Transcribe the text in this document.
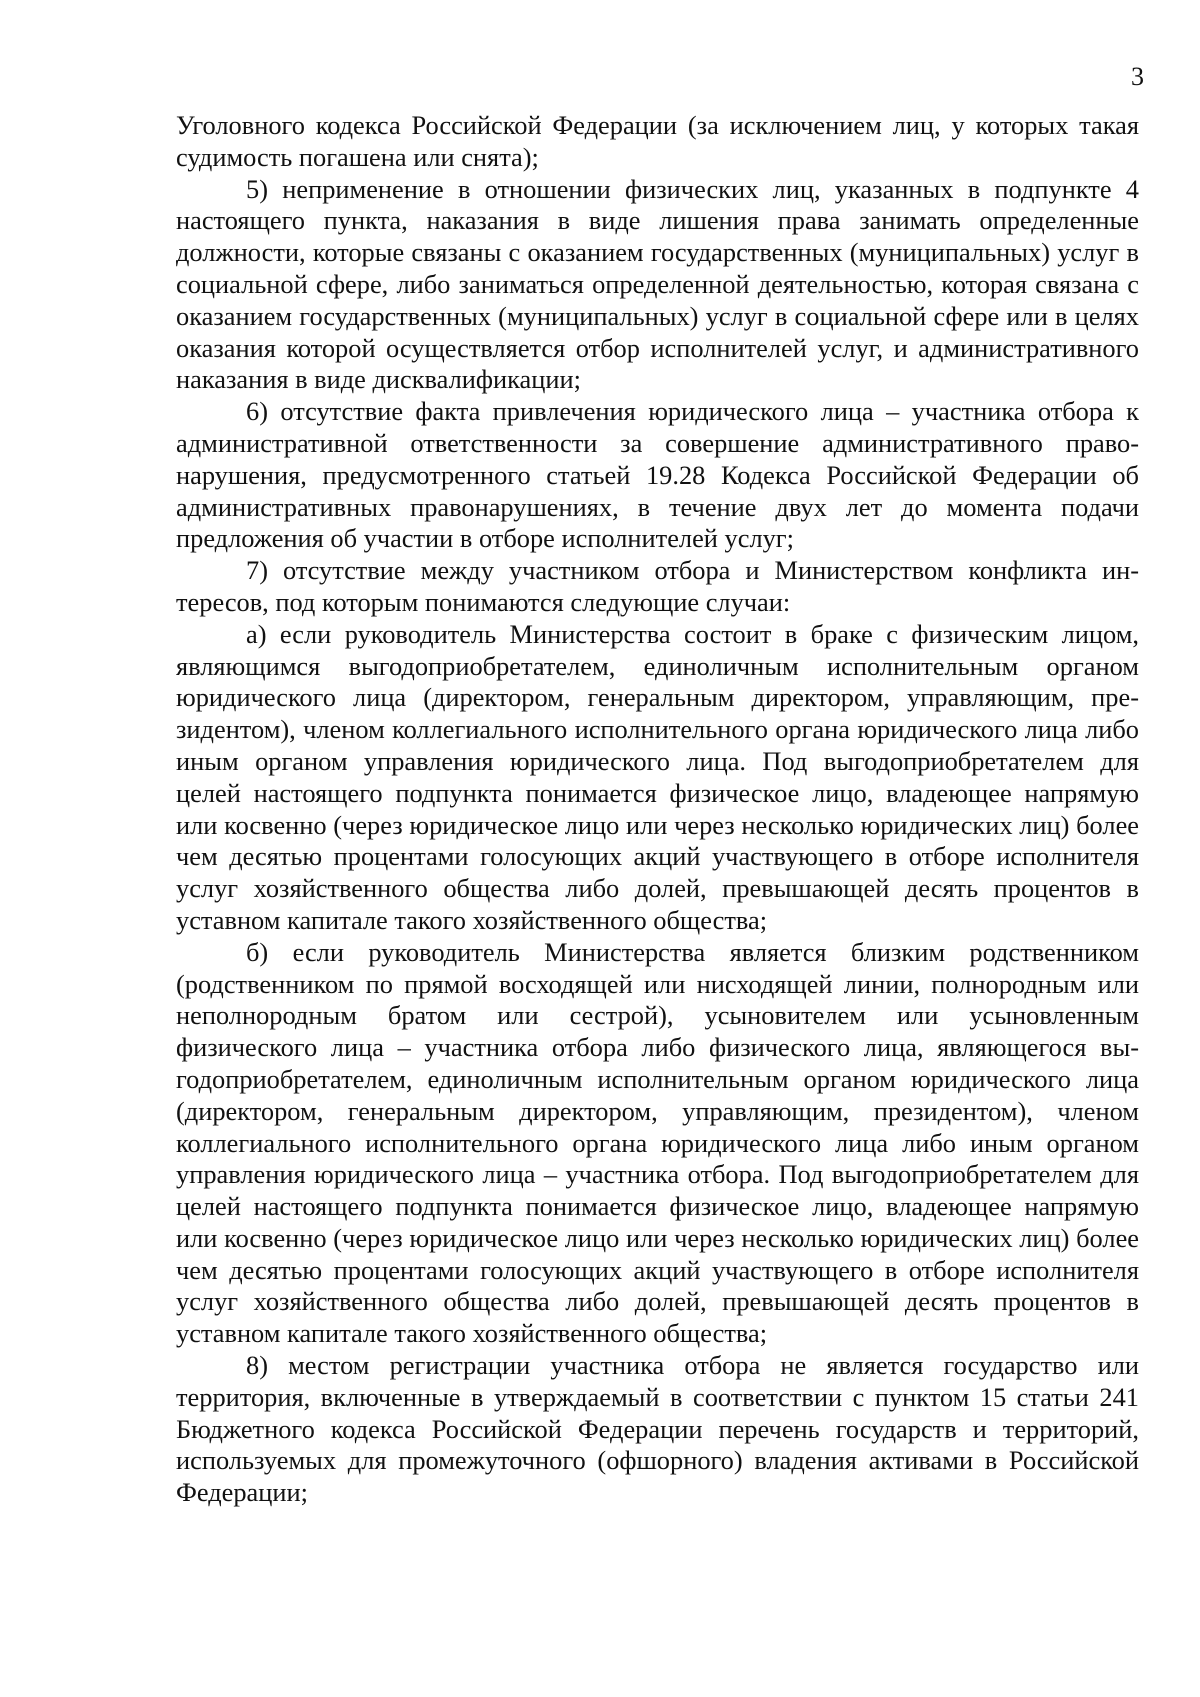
3

Уголовного кодекса Российской Федерации (за исключением лиц, у которых такая судимость погашена или снята);

5) неприменение в отношении физических лиц, указанных в подпункте 4 настоящего пункта, наказания в виде лишения права занимать определенные должности, которые связаны с оказанием государственных (муниципальных) услуг в социальной сфере, либо заниматься определенной деятельностью, которая связана с оказанием государственных (муниципальных) услуг в социальной сфере или в целях оказания которой осуществляется отбор исполнителей услуг, и административного наказания в виде дисквалификации;

6) отсутствие факта привлечения юридического лица – участника отбора к административной ответственности за совершение административного правонарушения, предусмотренного статьей 19.28 Кодекса Российской Федерации об административных правонарушениях, в течение двух лет до момента подачи предложения об участии в отборе исполнителей услуг;

7) отсутствие между участником отбора и Министерством конфликта интересов, под которым понимаются следующие случаи:

а) если руководитель Министерства состоит в браке с физическим лицом, являющимся выгодоприобретателем, единоличным исполнительным органом юридического лица (директором, генеральным директором, управляющим, президентом), членом коллегиального исполнительного органа юридического лица либо иным органом управления юридического лица. Под выгодоприобретателем для целей настоящего подпункта понимается физическое лицо, владеющее напрямую или косвенно (через юридическое лицо или через несколько юридических лиц) более чем десятью процентами голосующих акций участвующего в отборе исполнителя услуг хозяйственного общества либо долей, превышающей десять процентов в уставном капитале такого хозяйственного общества;

б) если руководитель Министерства является близким родственником (родственником по прямой восходящей или нисходящей линии, полнородным или неполнородным братом или сестрой), усыновителем или усыновленным физического лица – участника отбора либо физического лица, являющегося выгодоприобретателем, единоличным исполнительным органом юридического лица (директором, генеральным директором, управляющим, президентом), членом коллегиального исполнительного органа юридического лица либо иным органом управления юридического лица – участника отбора. Под выгодоприобретателем для целей настоящего подпункта понимается физическое лицо, владеющее напрямую или косвенно (через юридическое лицо или через несколько юридических лиц) более чем десятью процентами голосующих акций участвующего в отборе исполнителя услуг хозяйственного общества либо долей, превышающей десять процентов в уставном капитале такого хозяйственного общества;

8) местом регистрации участника отбора не является государство или территория, включенные в утверждаемый в соответствии с пунктом 15 статьи 241 Бюджетного кодекса Российской Федерации перечень государств и территорий, используемых для промежуточного (офшорного) владения активами в Российской Федерации;
